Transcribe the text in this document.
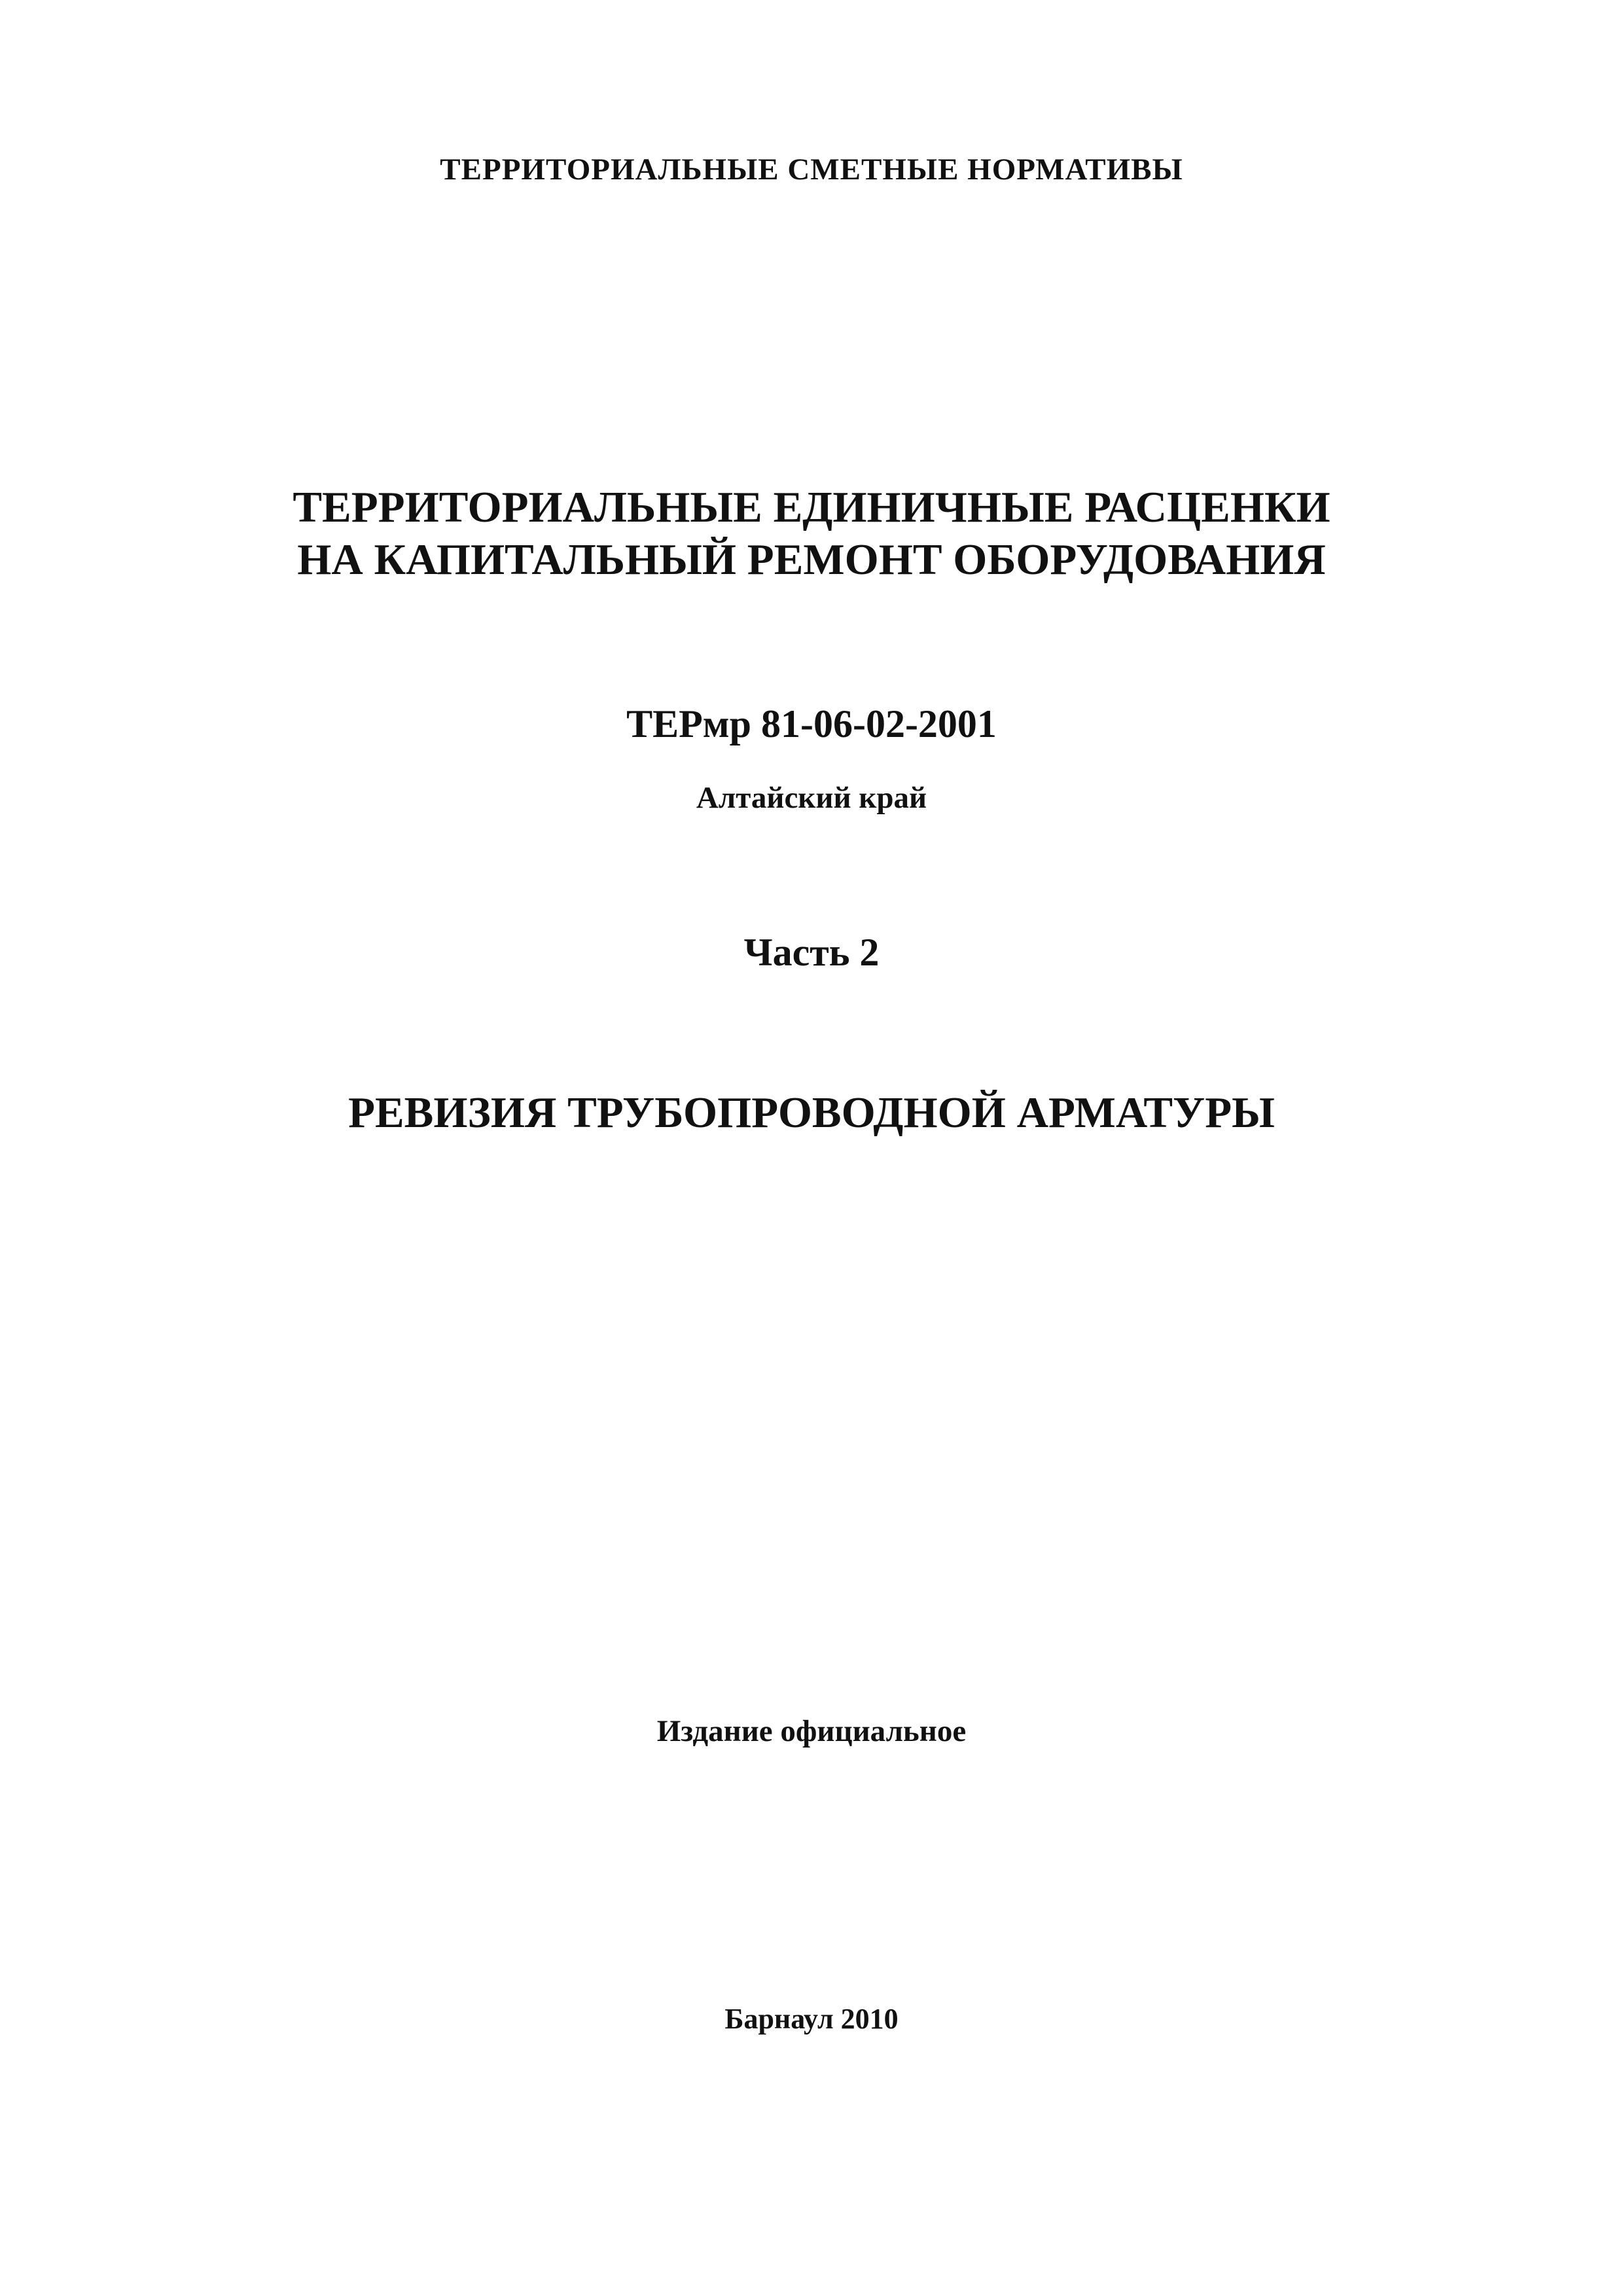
ТЕРРИТОРИАЛЬНЫЕ СМЕТНЫЕ НОРМАТИВЫ

ТЕРРИТОРИАЛЬНЫЕ ЕДИНИЧНЫЕ РАСЦЕНКИ

НА КАПИТАЛЬНЫЙ РЕМОНТ ОБОРУДОВАНИЯ

ТЕРмр 81-06-02-2001

Алтайский край

Часть 2

РЕВИЗИЯ ТРУБОПРОВОДНОЙ АРМАТУРЫ

Издание официальное

Барнаул 2010
